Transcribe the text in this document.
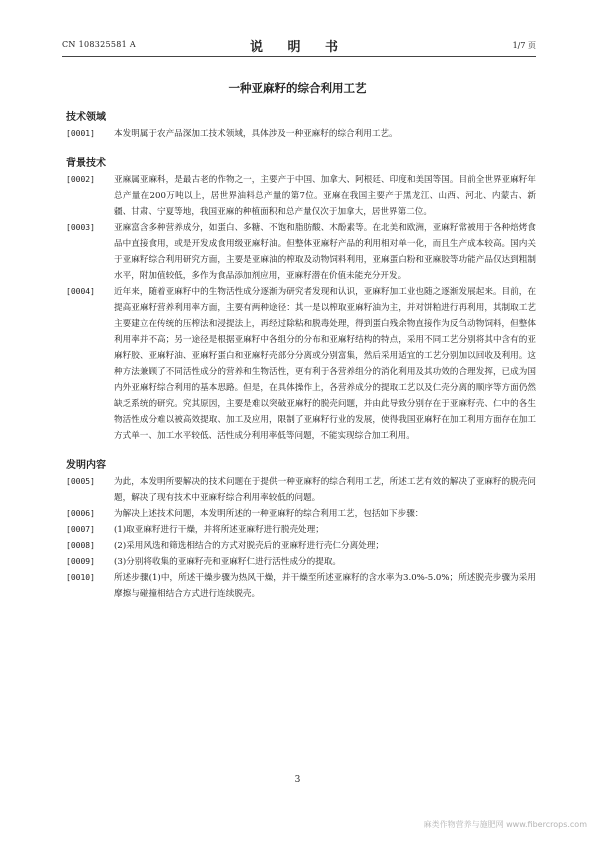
CN 108325581 A	说 明 书	1/7 页
一种亚麻籽的综合利用工艺
技术领域
[0001]	本发明属于农产品深加工技术领域，具体涉及一种亚麻籽的综合利用工艺。
背景技术
[0002]	亚麻属亚麻科，是最古老的作物之一，主要产于中国、加拿大、阿根廷、印度和美国等国。目前全世界亚麻籽年总产量在200万吨以上，居世界油料总产量的第7位。亚麻在我国主要产于黑龙江、山西、河北、内蒙古、新疆、甘肃、宁夏等地，我国亚麻的种植面积和总产量仅次于加拿大，居世界第二位。
[0003]	亚麻富含多种营养成分，如蛋白、多糖、不饱和脂肪酸、木酚素等。在北美和欧洲，亚麻籽常被用于各种焙烤食品中直接食用，或是开发成食用级亚麻籽油。但整体亚麻籽产品的利用相对单一化，而且生产成本较高。国内关于亚麻籽综合利用研究方面，主要是亚麻油的榨取及动物饲料利用，亚麻蛋白粉和亚麻胶等功能产品仅达到粗制水平，附加值较低，多作为食品添加剂应用，亚麻籽潜在价值未能充分开发。
[0004]	近年来，随着亚麻籽中的生物活性成分逐渐为研究者发现和认识，亚麻籽加工业也随之逐渐发展起来。目前，在提高亚麻籽营养利用率方面，主要有两种途径：其一是以榨取亚麻籽油为主，并对饼粕进行再利用，其制取工艺主要建立在传统的压榨法和浸提法上，再经过除粘和脱毒处理，得到蛋白残余物直接作为反刍动物饲料，但整体利用率并不高；另一途径是根据亚麻籽中各组分的分布和亚麻籽结构的特点，采用不同工艺分别将其中含有的亚麻籽胶、亚麻籽油、亚麻籽蛋白和亚麻籽壳部分分离或分别富集，然后采用适宜的工艺分别加以回收及利用。这种方法兼顾了不同活性成分的营养和生物活性，更有利于各营养组分的消化利用及其功效的合理发挥，已成为国内外亚麻籽综合利用的基本思路。但是，在具体操作上，各营养成分的提取工艺以及仁壳分离的顺序等方面仍然缺乏系统的研究。究其原因，主要是难以突破亚麻籽的脱壳问题，并由此导致分别存在于亚麻籽壳、仁中的各生物活性成分难以被高效提取、加工及应用，限制了亚麻籽行业的发展，使得我国亚麻籽在加工利用方面存在加工方式单一、加工水平较低、活性成分利用率低等问题，不能实现综合加工利用。
发明内容
[0005]	为此，本发明所要解决的技术问题在于提供一种亚麻籽的综合利用工艺，所述工艺有效的解决了亚麻籽的脱壳问题，解决了现有技术中亚麻籽综合利用率较低的问题。
[0006]	为解决上述技术问题，本发明所述的一种亚麻籽的综合利用工艺，包括如下步骤：
[0007]	(1)取亚麻籽进行干燥，并将所述亚麻籽进行脱壳处理；
[0008]	(2)采用风选和筛选相结合的方式对脱壳后的亚麻籽进行壳仁分离处理；
[0009]	(3)分别将收集的亚麻籽壳和亚麻籽仁进行活性成分的提取。
[0010]	所述步骤(1)中，所述干燥步骤为热风干燥，并干燥至所述亚麻籽的含水率为3.0%-5.0%；所述脱壳步骤为采用摩擦与碰撞相结合方式进行连续脱壳。
3
麻类作物营养与施肥网 www.fibercrops.com
